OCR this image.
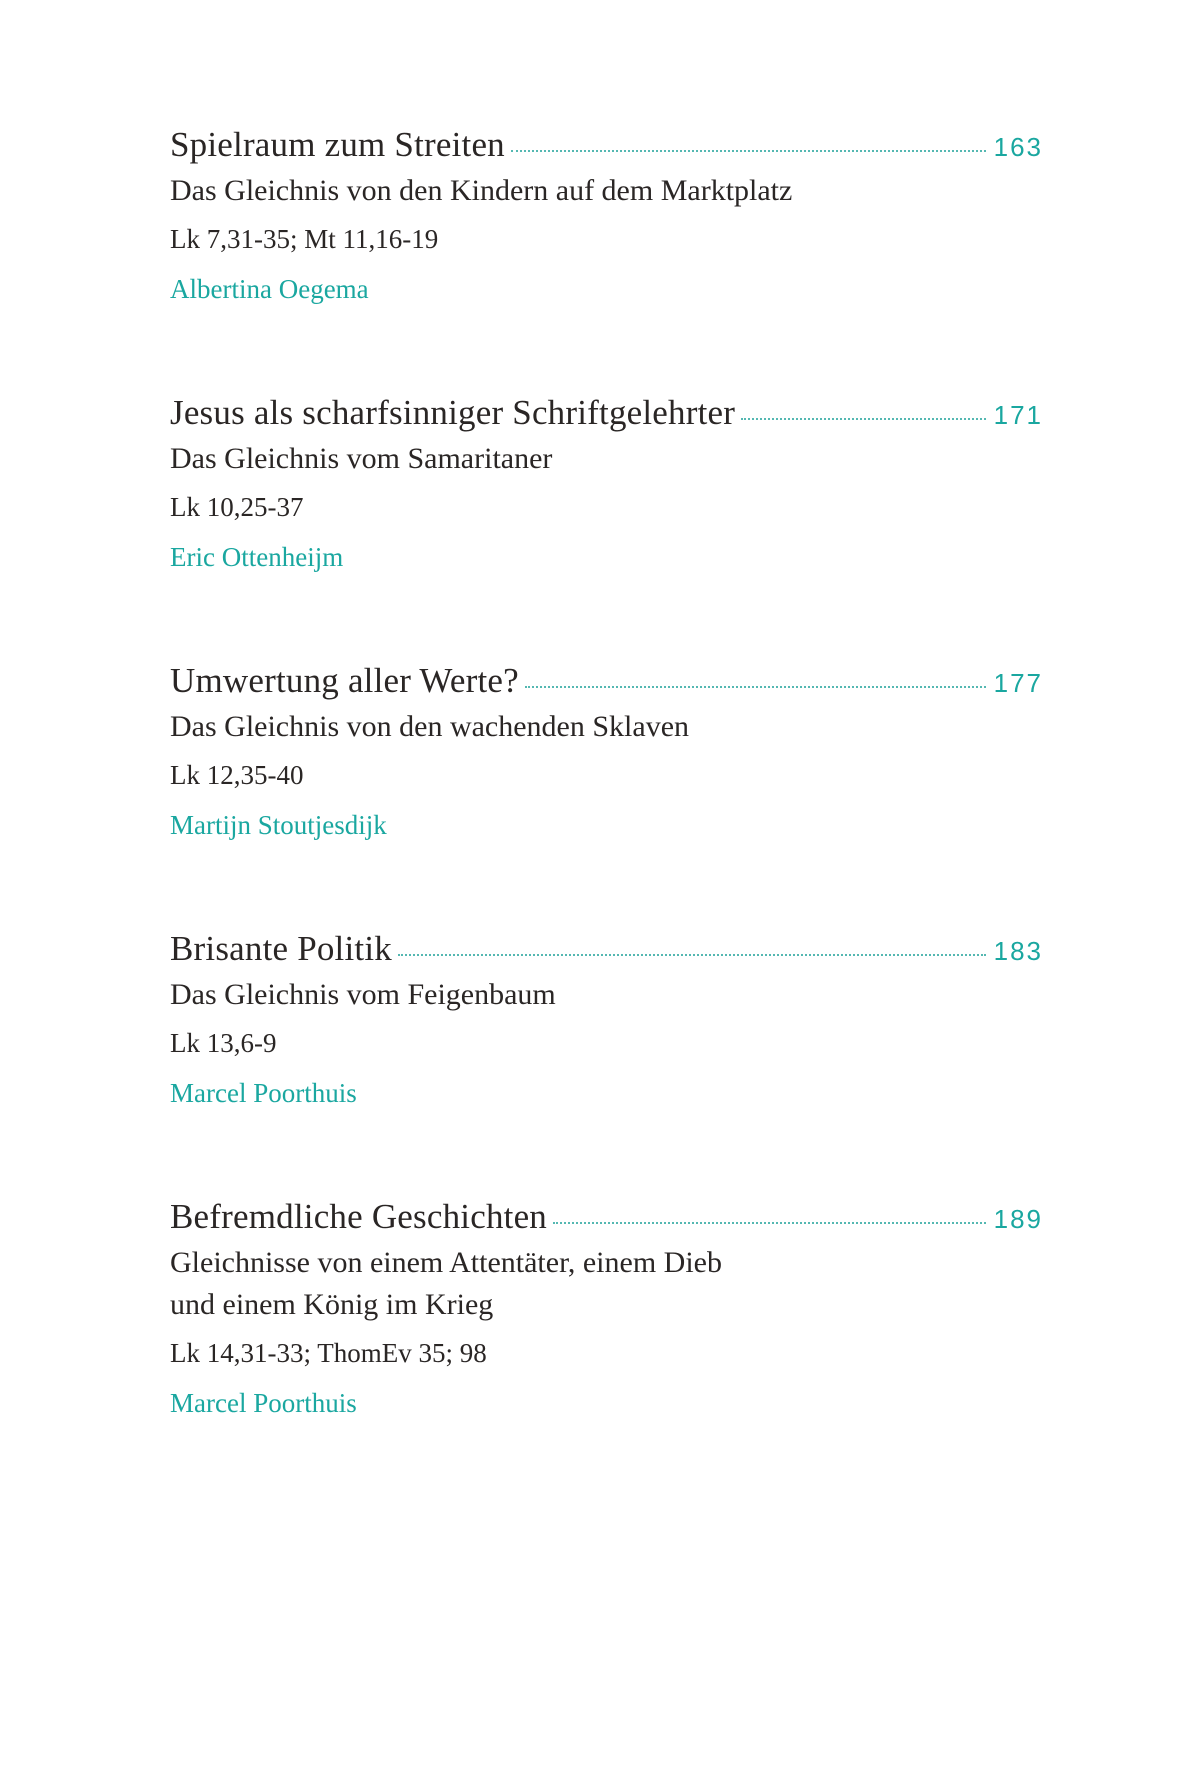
Spielraum zum Streiten	163
Das Gleichnis von den Kindern auf dem Marktplatz
Lk 7,31-35; Mt 11,16-19
Albertina Oegema
Jesus als scharfsinniger Schriftgelehrter	171
Das Gleichnis vom Samaritaner
Lk 10,25-37
Eric Ottenheijm
Umwertung aller Werte?	177
Das Gleichnis von den wachenden Sklaven
Lk 12,35-40
Martijn Stoutjesdijk
Brisante Politik	183
Das Gleichnis vom Feigenbaum
Lk 13,6-9
Marcel Poorthuis
Befremdliche Geschichten	189
Gleichnisse von einem Attentäter, einem Dieb
und einem König im Krieg
Lk 14,31-33; ThomEv 35; 98
Marcel Poorthuis
